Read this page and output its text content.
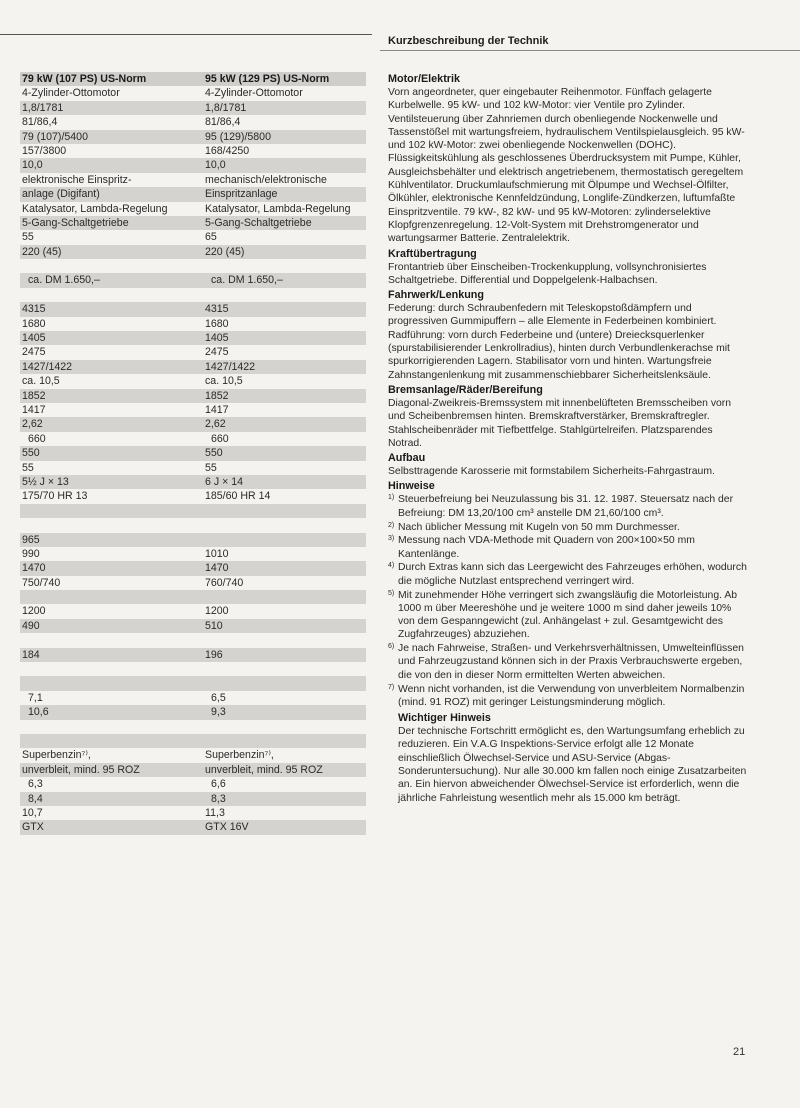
Kurzbeschreibung der Technik
79 kW (107 PS) US-Norm	95 kW (129 PS) US-Norm
4-Zylinder-Ottomotor	4-Zylinder-Ottomotor
1,8/1781	1,8/1781
81/86,4	81/86,4
79 (107)/5400	95 (129)/5800
157/3800	168/4250
10,0	10,0
elektronische Einspritz-	mechanisch/elektronische
anlage (Digifant)	Einspritzanlage
Katalysator, Lambda-Regelung	Katalysator, Lambda-Regelung
5-Gang-Schaltgetriebe	5-Gang-Schaltgetriebe
55	65
220 (45)	220 (45)
ca. DM 1.650,–	ca. DM 1.650,–
4315	4315
1680	1680
1405	1405
2475	2475
1427/1422	1427/1422
ca. 10,5	ca. 10,5
1852	1852
1417	1417
2,62	2,62
660	660
550	550
55	55
5½ J × 13	6 J × 14
175/70 HR 13	185/60 HR 14
965
990	1010
1470	1470
750/740	760/740
1200	1200
490	510
184	196
7,1	6,5
10,6	9,3
Superbenzin⁷⁾,	Superbenzin⁷⁾,
unverbleit, mind. 95 ROZ	unverbleit, mind. 95 ROZ
6,3	6,6
8,4	8,3
10,7	11,3
GTX	GTX 16V
Motor/Elektrik

Vorn angeordneter, quer eingebauter Reihenmotor. Fünffach gelagerte Kurbelwelle. 95 kW- und 102 kW-Motor: vier Ventile pro Zylinder. Ventilsteuerung über Zahnriemen durch obenliegende Nockenwelle und Tassenstößel mit wartungsfreiem, hydraulischem Ventilspielausgleich. 95 kW- und 102 kW-Motor: zwei obenliegende Nockenwellen (DOHC). Flüssigkeitskühlung als geschlossenes Überdrucksystem mit Pumpe, Kühler, Ausgleichsbehälter und elektrisch angetriebenem, thermostatisch geregeltem Kühlventilator. Druckumlaufschmierung mit Ölpumpe und Wechsel-Ölfilter, Ölkühler, elektronische Kennfeldzündung, Longlife-Zündkerzen, luftumfaßte Einspritzventile. 79 kW-, 82 kW- und 95 kW-Motoren: zylinderselektive Klopfgrenzenregelung. 12-Volt-System mit Drehstromgenerator und wartungsarmer Batterie. Zentralelektrik.

Kraftübertragung

Frontantrieb über Einscheiben-Trockenkupplung, vollsynchronisiertes Schaltgetriebe. Differential und Doppelgelenk-Halbachsen.

Fahrwerk/Lenkung

Federung: durch Schraubenfedern mit Teleskopstoßdämpfern und progressiven Gummipuffern – alle Elemente in Federbeinen kombiniert. Radführung: vorn durch Federbeine und (untere) Dreiecksquerlenker (spurstabilisierender Lenkrollradius), hinten durch Verbundlenkerachse mit spurkorrigierenden Lagern. Stabilisator vorn und hinten. Wartungsfreie Zahnstangenlenkung mit zusammenschiebbarer Sicherheitslenksäule.

Bremsanlage/Räder/Bereifung

Diagonal-Zweikreis-Bremssystem mit innenbelüfteten Bremsscheiben vorn und Scheibenbremsen hinten. Bremskraftverstärker, Bremskraftregler. Stahlscheibenräder mit Tiefbettfelge. Stahlgürtelreifen. Platzsparendes Notrad.

Aufbau

Selbsttragende Karosserie mit formstabilem Sicherheits-Fahrgastraum.

Hinweise
1) Steuerbefreiung bei Neuzulassung bis 31. 12. 1987. Steuersatz nach der Befreiung: DM 13,20/100 cm³ anstelle DM 21,60/100 cm³.
2) Nach üblicher Messung mit Kugeln von 50 mm Durchmesser.
3) Messung nach VDA-Methode mit Quadern von 200×100×50 mm Kantenlänge.
4) Durch Extras kann sich das Leergewicht des Fahrzeuges erhöhen, wodurch die mögliche Nutzlast entsprechend verringert wird.
5) Mit zunehmender Höhe verringert sich zwangsläufig die Motorleistung. Ab 1000 m über Meereshöhe und je weitere 1000 m sind daher jeweils 10% von dem Gespanngewicht (zul. Anhängelast + zul. Gesamtgewicht des Zugfahrzeuges) abzuziehen.
6) Je nach Fahrweise, Straßen- und Verkehrsverhältnissen, Umwelteinflüssen und Fahrzeugzustand können sich in der Praxis Verbrauchswerte ergeben, die von den in dieser Norm ermittelten Werten abweichen.
7) Wenn nicht vorhanden, ist die Verwendung von unverbleitem Normalbenzin (mind. 91 ROZ) mit geringer Leistungsminderung möglich.
Wichtiger Hinweis

Der technische Fortschritt ermöglicht es, den Wartungsumfang erheblich zu reduzieren. Ein V.A.G Inspektions-Service erfolgt alle 12 Monate einschließlich Ölwechsel-Service und ASU-Service (Abgas-Sonderuntersuchung). Nur alle 30.000 km fallen noch einige Zusatzarbeiten an. Ein hiervon abweichender Ölwechsel-Service ist erforderlich, wenn die jährliche Fahrleistung wesentlich mehr als 15.000 km beträgt.

21
